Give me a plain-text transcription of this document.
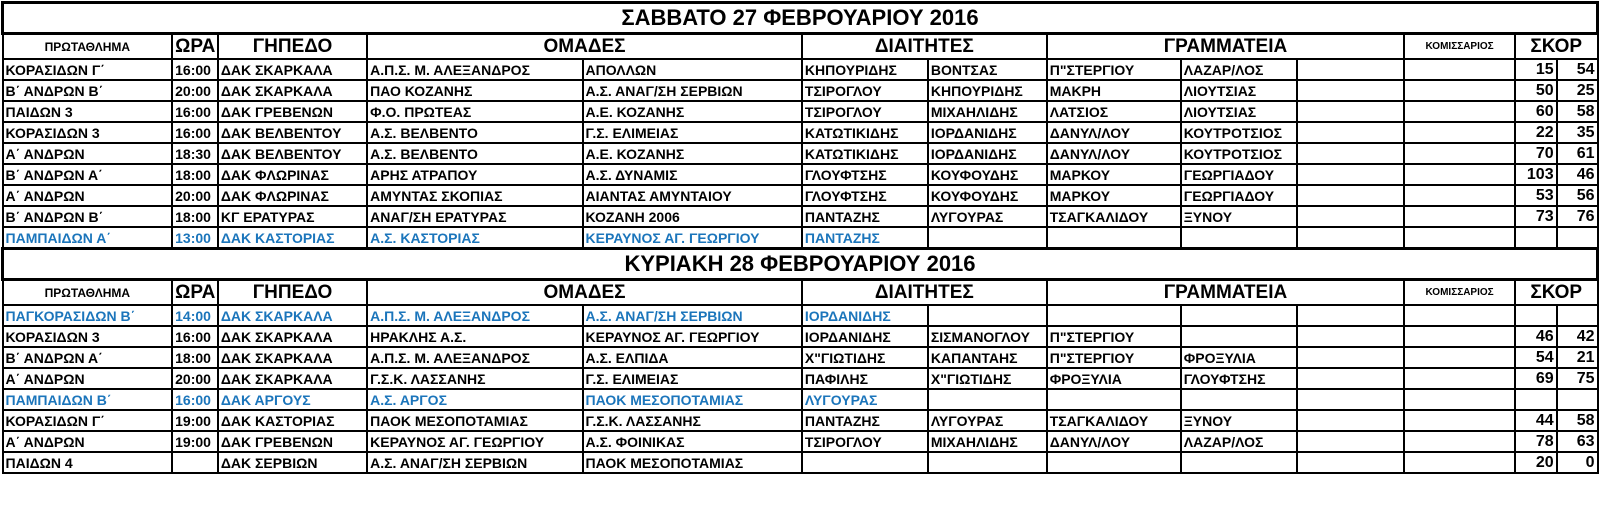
ΣΑΒΒΑΤΟ 27 ΦΕΒΡΟΥΑΡΙΟΥ 2016												
ΠΡΩΤΑΘΛΗΜΑ	ΩΡΑ	ΓΗΠΕΔΟ	ΟΜΑΔΕΣ		ΔΙΑΙΤΗΤΕΣ		ΓΡΑΜΜΑΤΕΙΑ			ΚΟΜΙΣΣΑΡΙΟΣ	ΣΚΟΡ	
ΚΟΡΑΣΙΔΩΝ Γ΄	16:00	ΔΑΚ ΣΚΑΡΚΑΛΑ	Α.Π.Σ. Μ. ΑΛΕΞΑΝΔΡΟΣ	ΑΠΟΛΛΩΝ	ΚΗΠΟΥΡΙΔΗΣ	ΒΟΝΤΣΑΣ	Π"ΣΤΕΡΓΙΟΥ	ΛΑΖΑΡ/ΛΟΣ			15	54
Β΄ ΑΝΔΡΩΝ Β΄	20:00	ΔΑΚ ΣΚΑΡΚΑΛΑ	ΠΑΟ ΚΟΖΑΝΗΣ	Α.Σ. ΑΝΑΓ/ΣΗ ΣΕΡΒΙΩΝ	ΤΣΙΡΟΓΛΟΥ	ΚΗΠΟΥΡΙΔΗΣ	ΜΑΚΡΗ	ΛΙΟΥΤΣΙΑΣ			50	25
ΠΑΙΔΩΝ 3	16:00	ΔΑΚ ΓΡΕΒΕΝΩΝ	Φ.Ο. ΠΡΩΤΕΑΣ	Α.Ε. ΚΟΖΑΝΗΣ	ΤΣΙΡΟΓΛΟΥ	ΜΙΧΑΗΛΙΔΗΣ	ΛΑΤΣΙΟΣ	ΛΙΟΥΤΣΙΑΣ			60	58
ΚΟΡΑΣΙΔΩΝ 3	16:00	ΔΑΚ ΒΕΛΒΕΝΤΟΥ	Α.Σ. ΒΕΛΒΕΝΤΟ	Γ.Σ. ΕΛΙΜΕΙΑΣ	ΚΑΤΩΤΙΚΙΔΗΣ	ΙΟΡΔΑΝΙΔΗΣ	ΔΑΝΥΛ/ΛΟΥ	ΚΟΥΤΡΟΤΣΙΟΣ			22	35
Α΄ ΑΝΔΡΩΝ	18:30	ΔΑΚ ΒΕΛΒΕΝΤΟΥ	Α.Σ. ΒΕΛΒΕΝΤΟ	Α.Ε. ΚΟΖΑΝΗΣ	ΚΑΤΩΤΙΚΙΔΗΣ	ΙΟΡΔΑΝΙΔΗΣ	ΔΑΝΥΛ/ΛΟΥ	ΚΟΥΤΡΟΤΣΙΟΣ			70	61
Β΄ ΑΝΔΡΩΝ Α΄	18:00	ΔΑΚ ΦΛΩΡΙΝΑΣ	ΑΡΗΣ ΑΤΡΑΠΟΥ	Α.Σ. ΔΥΝΑΜΙΣ	ΓΛΟΥΦΤΣΗΣ	ΚΟΥΦΟΥΔΗΣ	ΜΑΡΚΟΥ	ΓΕΩΡΓΙΑΔΟΥ			103	46
Α΄ ΑΝΔΡΩΝ	20:00	ΔΑΚ ΦΛΩΡΙΝΑΣ	ΑΜΥΝΤΑΣ ΣΚΟΠΙΑΣ	ΑΙΑΝΤΑΣ ΑΜΥΝΤΑΙΟΥ	ΓΛΟΥΦΤΣΗΣ	ΚΟΥΦΟΥΔΗΣ	ΜΑΡΚΟΥ	ΓΕΩΡΓΙΑΔΟΥ			53	56
Β΄ ΑΝΔΡΩΝ Β΄	18:00	ΚΓ ΕΡΑΤΥΡΑΣ	ΑΝΑΓ/ΣΗ ΕΡΑΤΥΡΑΣ	ΚΟΖΑΝΗ 2006	ΠΑΝΤΑΖΗΣ	ΛΥΓΟΥΡΑΣ	ΤΣΑΓΚΑΛΙΔΟΥ	ΞΥΝΟΥ			73	76
ΠΑΜΠΑΙΔΩΝ Α΄	13:00	ΔΑΚ ΚΑΣΤΟΡΙΑΣ	Α.Σ. ΚΑΣΤΟΡΙΑΣ	ΚΕΡΑΥΝΟΣ ΑΓ. ΓΕΩΡΓΙΟΥ	ΠΑΝΤΑΖΗΣ							
ΚΥΡΙΑΚΗ 28 ΦΕΒΡΟΥΑΡΙΟΥ 2016												
ΠΡΩΤΑΘΛΗΜΑ	ΩΡΑ	ΓΗΠΕΔΟ	ΟΜΑΔΕΣ		ΔΙΑΙΤΗΤΕΣ		ΓΡΑΜΜΑΤΕΙΑ			ΚΟΜΙΣΣΑΡΙΟΣ	ΣΚΟΡ	
ΠΑΓΚΟΡΑΣΙΔΩΝ Β΄	14:00	ΔΑΚ ΣΚΑΡΚΑΛΑ	Α.Π.Σ. Μ. ΑΛΕΞΑΝΔΡΟΣ	Α.Σ. ΑΝΑΓ/ΣΗ ΣΕΡΒΙΩΝ	ΙΟΡΔΑΝΙΔΗΣ							
ΚΟΡΑΣΙΔΩΝ 3	16:00	ΔΑΚ ΣΚΑΡΚΑΛΑ	ΗΡΑΚΛΗΣ Α.Σ.	ΚΕΡΑΥΝΟΣ ΑΓ. ΓΕΩΡΓΙΟΥ	ΙΟΡΔΑΝΙΔΗΣ	ΣΙΣΜΑΝΟΓΛΟΥ	Π"ΣΤΕΡΓΙΟΥ				46	42
Β΄ ΑΝΔΡΩΝ Α΄	18:00	ΔΑΚ ΣΚΑΡΚΑΛΑ	Α.Π.Σ. Μ. ΑΛΕΞΑΝΔΡΟΣ	Α.Σ. ΕΛΠΙΔΑ	Χ"ΓΙΩΤΙΔΗΣ	ΚΑΠΑΝΤΑΗΣ	Π"ΣΤΕΡΓΙΟΥ	ΦΡΟΞΥΛΙΑ			54	21
Α΄ ΑΝΔΡΩΝ	20:00	ΔΑΚ ΣΚΑΡΚΑΛΑ	Γ.Σ.Κ. ΛΑΣΣΑΝΗΣ	Γ.Σ. ΕΛΙΜΕΙΑΣ	ΠΑΦΙΛΗΣ	Χ"ΓΙΩΤΙΔΗΣ	ΦΡΟΞΥΛΙΑ	ΓΛΟΥΦΤΣΗΣ			69	75
ΠΑΜΠΑΙΔΩΝ Β΄	16:00	ΔΑΚ ΑΡΓΟΥΣ	Α.Σ. ΑΡΓΟΣ	ΠΑΟΚ ΜΕΣΟΠΟΤΑΜΙΑΣ	ΛΥΓΟΥΡΑΣ							
ΚΟΡΑΣΙΔΩΝ Γ΄	19:00	ΔΑΚ ΚΑΣΤΟΡΙΑΣ	ΠΑΟΚ ΜΕΣΟΠΟΤΑΜΙΑΣ	Γ.Σ.Κ. ΛΑΣΣΑΝΗΣ	ΠΑΝΤΑΖΗΣ	ΛΥΓΟΥΡΑΣ	ΤΣΑΓΚΑΛΙΔΟΥ	ΞΥΝΟΥ			44	58
Α΄ ΑΝΔΡΩΝ	19:00	ΔΑΚ ΓΡΕΒΕΝΩΝ	ΚΕΡΑΥΝΟΣ ΑΓ. ΓΕΩΡΓΙΟΥ	Α.Σ. ΦΟΙΝΙΚΑΣ	ΤΣΙΡΟΓΛΟΥ	ΜΙΧΑΗΛΙΔΗΣ	ΔΑΝΥΛ/ΛΟΥ	ΛΑΖΑΡ/ΛΟΣ			78	63
ΠΑΙΔΩΝ 4		ΔΑΚ ΣΕΡΒΙΩΝ	Α.Σ. ΑΝΑΓ/ΣΗ ΣΕΡΒΙΩΝ	ΠΑΟΚ ΜΕΣΟΠΟΤΑΜΙΑΣ							20	0
